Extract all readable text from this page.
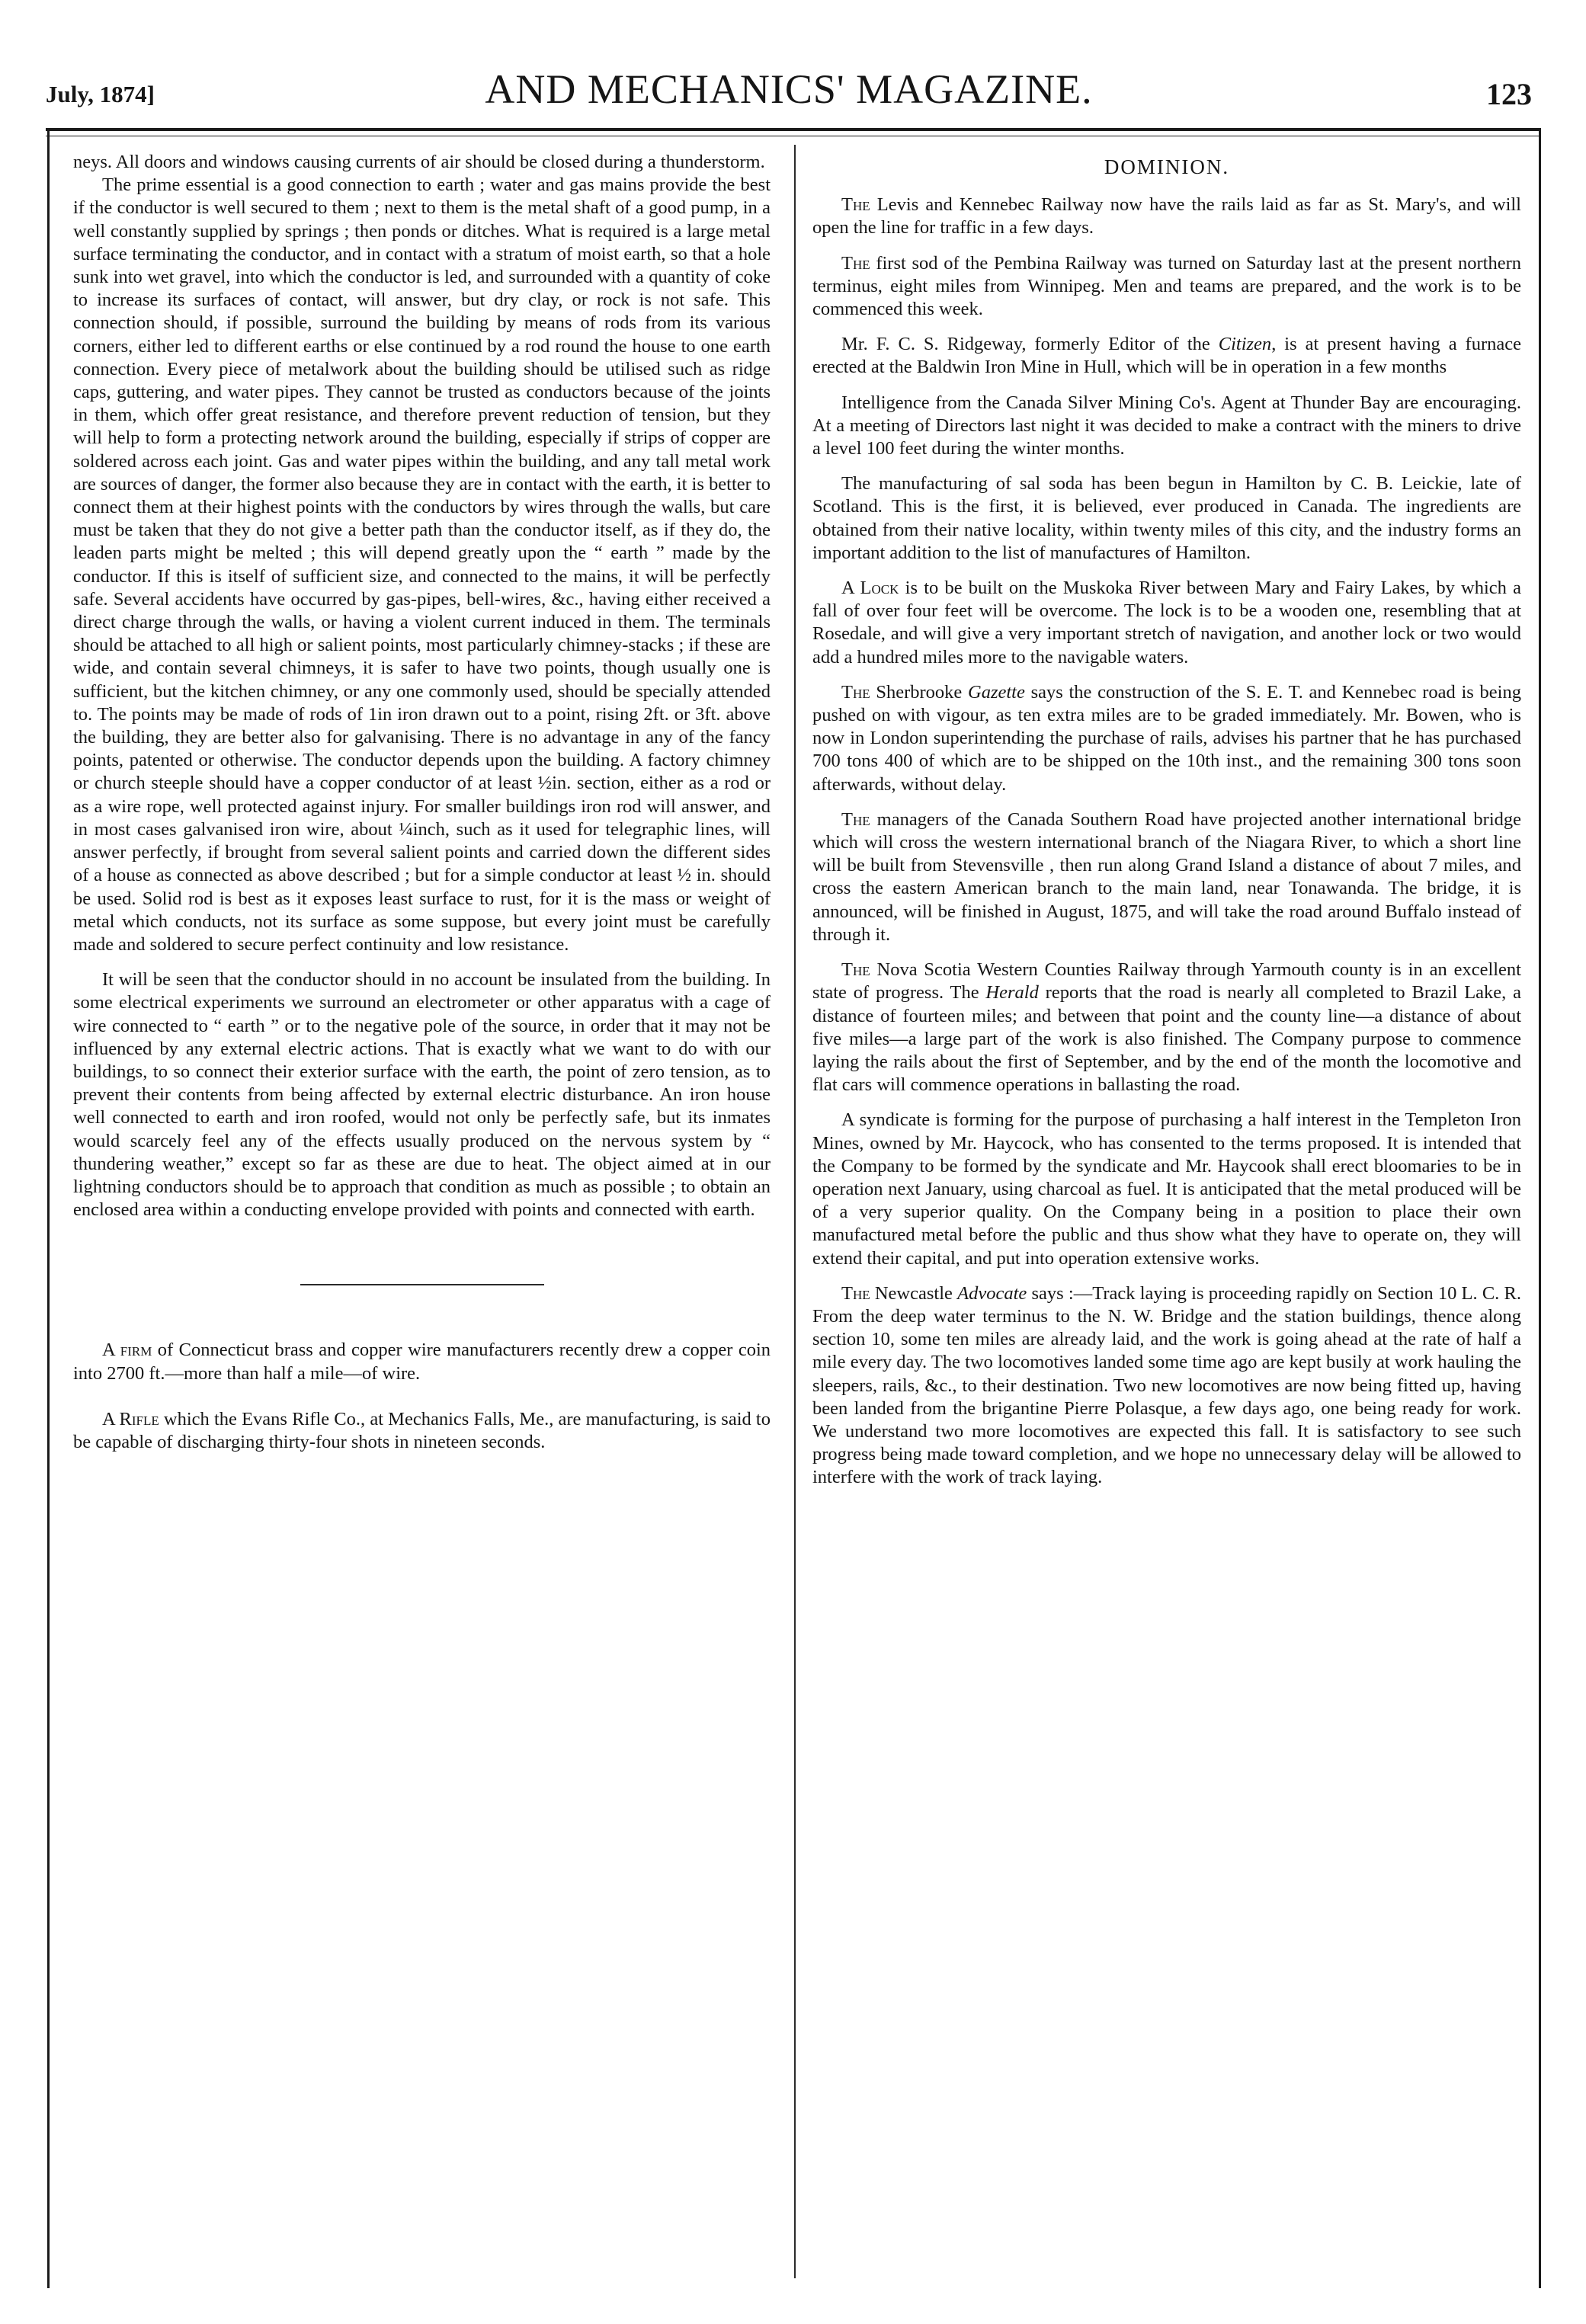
July, 1874]	AND MECHANICS' MAGAZINE.	123

neys. All doors and windows causing currents of air should be closed during a thunderstorm.

The prime essential is a good connection to earth ; water and gas mains provide the best if the conductor is well secured to them ; next to them is the metal shaft of a good pump, in a well constantly supplied by springs ; then ponds or ditches. What is required is a large metal surface terminating the conductor, and in contact with a stratum of moist earth, so that a hole sunk into wet gravel, into which the conductor is led, and surrounded with a quantity of coke to increase its surfaces of contact, will answer, but dry clay, or rock is not safe. This connection should, if possible, surround the building by means of rods from its various corners, either led to different earths or else continued by a rod round the house to one earth connection. Every piece of metalwork about the building should be utilised such as ridge caps, guttering, and water pipes. They cannot be trusted as conductors because of the joints in them, which offer great resistance, and therefore prevent reduction of tension, but they will help to form a protecting network around the building, especially if strips of copper are soldered across each joint. Gas and water pipes within the building, and any tall metal work are sources of danger, the former also because they are in contact with the earth, it is better to connect them at their highest points with the conductors by wires through the walls, but care must be taken that they do not give a better path than the conductor itself, as if they do, the leaden parts might be melted ; this will depend greatly upon the “ earth ” made by the conductor. If this is itself of sufficient size, and connected to the mains, it will be perfectly safe. Several accidents have occurred by gas-pipes, bell-wires, &c., having either received a direct charge through the walls, or having a violent current induced in them. The terminals should be attached to all high or salient points, most particularly chimney-stacks ; if these are wide, and contain several chimneys, it is safer to have two points, though usually one is sufficient, but the kitchen chimney, or any one commonly used, should be specially attended to. The points may be made of rods of 1in iron drawn out to a point, rising 2ft. or 3ft. above the building, they are better also for galvanising. There is no advantage in any of the fancy points, patented or otherwise. The conductor depends upon the building. A factory chimney or church steeple should have a copper conductor of at least ½in. section, either as a rod or as a wire rope, well protected against injury. For smaller buildings iron rod will answer, and in most cases galvanised iron wire, about ¼inch, such as it used for telegraphic lines, will answer perfectly, if brought from several salient points and carried down the different sides of a house as connected as above described ; but for a simple conductor at least ½ in. should be used. Solid rod is best as it exposes least surface to rust, for it is the mass or weight of metal which conducts, not its surface as some suppose, but every joint must be carefully made and soldered to secure perfect continuity and low resistance.

It will be seen that the conductor should in no account be insulated from the building. In some electrical experiments we surround an electrometer or other apparatus with a cage of wire connected to “ earth ” or to the negative pole of the source, in order that it may not be influenced by any external electric actions. That is exactly what we want to do with our buildings, to so connect their exterior surface with the earth, the point of zero tension, as to prevent their contents from being affected by external electric disturbance. An iron house well connected to earth and iron roofed, would not only be perfectly safe, but its inmates would scarcely feel any of the effects usually produced on the nervous system by “ thundering weather,” except so far as these are due to heat. The object aimed at in our lightning conductors should be to approach that condition as much as possible ; to obtain an enclosed area within a conducting envelope provided with points and connected with earth.

A firm of Connecticut brass and copper wire manufacturers recently drew a copper coin into 2700 ft.—more than half a mile—of wire.

A Rifle which the Evans Rifle Co., at Mechanics Falls, Me., are manufacturing, is said to be capable of discharging thirty-four shots in nineteen seconds.

DOMINION.

The Levis and Kennebec Railway now have the rails laid as far as St. Mary's, and will open the line for traffic in a few days.

The first sod of the Pembina Railway was turned on Saturday last at the present northern terminus, eight miles from Winnipeg. Men and teams are prepared, and the work is to be commenced this week.

Mr. F. C. S. Ridgeway, formerly Editor of the Citizen, is at present having a furnace erected at the Baldwin Iron Mine in Hull, which will be in operation in a few months

Intelligence from the Canada Silver Mining Co's. Agent at Thunder Bay are encouraging. At a meeting of Directors last night it was decided to make a contract with the miners to drive a level 100 feet during the winter months.

The manufacturing of sal soda has been begun in Hamilton by C. B. Leickie, late of Scotland. This is the first, it is believed, ever produced in Canada. The ingredients are obtained from their native locality, within twenty miles of this city, and the industry forms an important addition to the list of manufactures of Hamilton.

A Lock is to be built on the Muskoka River between Mary and Fairy Lakes, by which a fall of over four feet will be overcome. The lock is to be a wooden one, resembling that at Rosedale, and will give a very important stretch of navigation, and another lock or two would add a hundred miles more to the navigable waters.

The Sherbrooke Gazette says the construction of the S. E. T. and Kennebec road is being pushed on with vigour, as ten extra miles are to be graded immediately. Mr. Bowen, who is now in London superintending the purchase of rails, advises his partner that he has purchased 700 tons 400 of which are to be shipped on the 10th inst., and the remaining 300 tons soon afterwards, without delay.

The managers of the Canada Southern Road have projected another international bridge which will cross the western international branch of the Niagara River, to which a short line will be built from Stevensville , then run along Grand Island a distance of about 7 miles, and cross the eastern American branch to the main land, near Tonawanda. The bridge, it is announced, will be finished in August, 1875, and will take the road around Buffalo instead of through it.

The Nova Scotia Western Counties Railway through Yarmouth county is in an excellent state of progress. The Herald reports that the road is nearly all completed to Brazil Lake, a distance of fourteen miles; and between that point and the county line—a distance of about five miles—a large part of the work is also finished. The Company purpose to commence laying the rails about the first of September, and by the end of the month the locomotive and flat cars will commence operations in ballasting the road.

A syndicate is forming for the purpose of purchasing a half interest in the Templeton Iron Mines, owned by Mr. Haycock, who has consented to the terms proposed. It is intended that the Company to be formed by the syndicate and Mr. Haycook shall erect bloomaries to be in operation next January, using charcoal as fuel. It is anticipated that the metal produced will be of a very superior quality. On the Company being in a position to place their own manufactured metal before the public and thus show what they have to operate on, they will extend their capital, and put into operation extensive works.

The Newcastle Advocate says :—Track laying is proceeding rapidly on Section 10 L. C. R. From the deep water terminus to the N. W. Bridge and the station buildings, thence along section 10, some ten miles are already laid, and the work is going ahead at the rate of half a mile every day. The two locomotives landed some time ago are kept busily at work hauling the sleepers, rails, &c., to their destination. Two new locomotives are now being fitted up, having been landed from the brigantine Pierre Polasque, a few days ago, one being ready for work. We understand two more locomotives are expected this fall. It is satisfactory to see such progress being made toward completion, and we hope no unnecessary delay will be allowed to interfere with the work of track laying.
